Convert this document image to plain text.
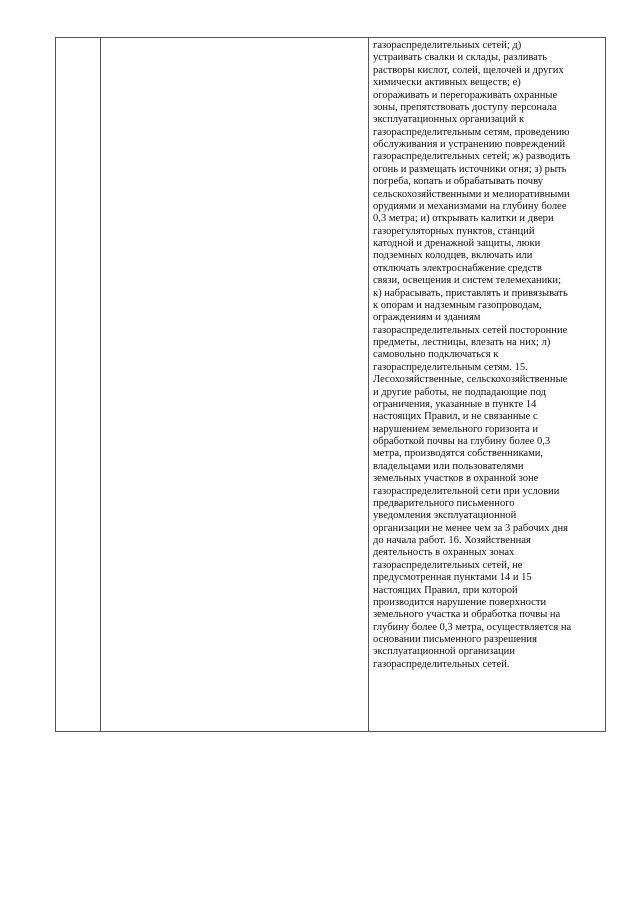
газораспределительных сетей; д)
устраивать свалки и склады, разливать
растворы кислот, солей, щелочей и других
химически активных веществ; е)
огораживать и перегораживать охранные
зоны, препятствовать доступу персонала
эксплуатационных организаций к
газораспределительным сетям, проведению
обслуживания и устранению повреждений
газораспределительных сетей; ж) разводить
огонь и размещать источники огня; з) рыть
погреба, копать и обрабатывать почву
сельскохозяйственными и мелиоративными
орудиями и механизмами на глубину более
0,3 метра; и) открывать калитки и двери
газорегуляторных пунктов, станций
катодной и дренажной защиты, люки
подземных колодцев, включать или
отключать электроснабжение средств
связи, освещения и систем телемеханики;
к) набрасывать, приставлять и привязывать
к опорам и надземным газопроводам,
ограждениям и зданиям
газораспределительных сетей посторонние
предметы, лестницы, влезать на них; л)
самовольно подключаться к
газораспределительным сетям. 15.
Лесохозяйственные, сельскохозяйственные
и другие работы, не подпадающие под
ограничения, указанные в пункте 14
настоящих Правил, и не связанные с
нарушением земельного горизонта и
обработкой почвы на глубину более 0,3
метра, производятся собственниками,
владельцами или пользователями
земельных участков в охранной зоне
газораспределительной сети при условии
предварительного письменного
уведомления эксплуатационной
организации не менее чем за 3 рабочих дня
до начала работ. 16. Хозяйственная
деятельность в охранных зонах
газораспределительных сетей, не
предусмотренная пунктами 14 и 15
настоящих Правил, при которой
производится нарушение поверхности
земельного участка и обработка почвы на
глубину более 0,3 метра, осуществляется на
основании письменного разрешения
эксплуатационной организации
газораспределительных сетей.
